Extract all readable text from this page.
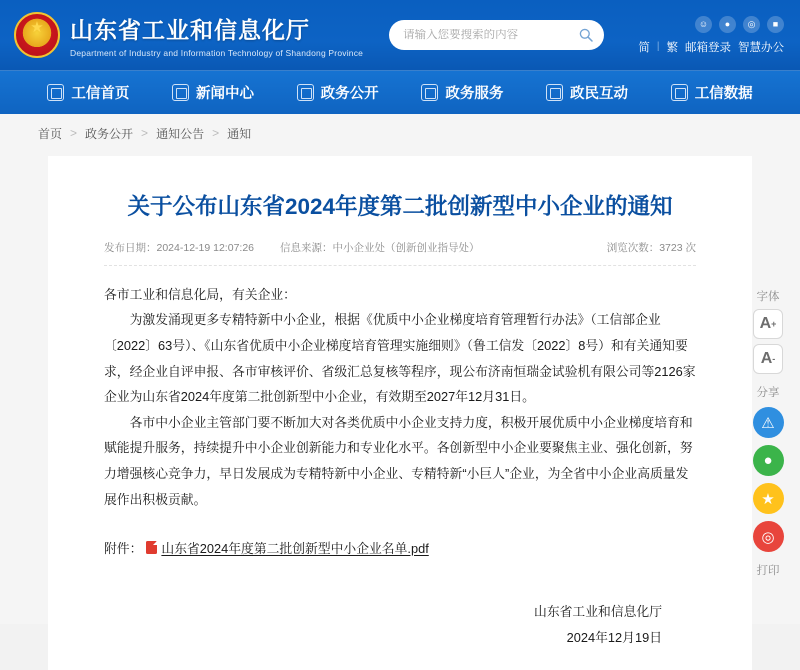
★
山东省工业和信息化厅
Department of Industry and Information Technology of Shandong Province
请输入您要搜索的内容
☺	●	◎	■
简 | 繁 邮箱登录 智慧办公
工信首页	新闻中心	政务公开	政务服务	政民互动	工信数据
首页 > 政务公开 > 通知公告 > 通知
关于公布山东省2024年度第二批创新型中小企业的通知
发布日期：2024-12-19 12:07:26 信息来源：中小企业处（创新创业指导处）	浏览次数：3723 次

各市工业和信息化局，有关企业：

为激发涌现更多专精特新中小企业，根据《优质中小企业梯度培育管理暂行办法》（工信部企业〔2022〕63号）、《山东省优质中小企业梯度培育管理实施细则》（鲁工信发〔2022〕8号）和有关通知要求，经企业自评申报、各市审核评价、省级汇总复核等程序，现公布济南恒瑞金试验机有限公司等2126家企业为山东省2024年度第二批创新型中小企业，有效期至2027年12月31日。

各市中小企业主管部门要不断加大对各类优质中小企业支持力度，积极开展优质中小企业梯度培育和赋能提升服务，持续提升中小企业创新能力和专业化水平。各创新型中小企业要聚焦主业、强化创新，努力增强核心竞争力，早日发展成为专精特新中小企业、专精特新“小巨人”企业，为全省中小企业高质量发展作出积极贡献。

附件： 山东省2024年度第二批创新型中小企业名单.pdf
山东省工业和信息化厅
2024年12月19日
字体
A +
A -
分享
⚠
●
★
◎
打印
